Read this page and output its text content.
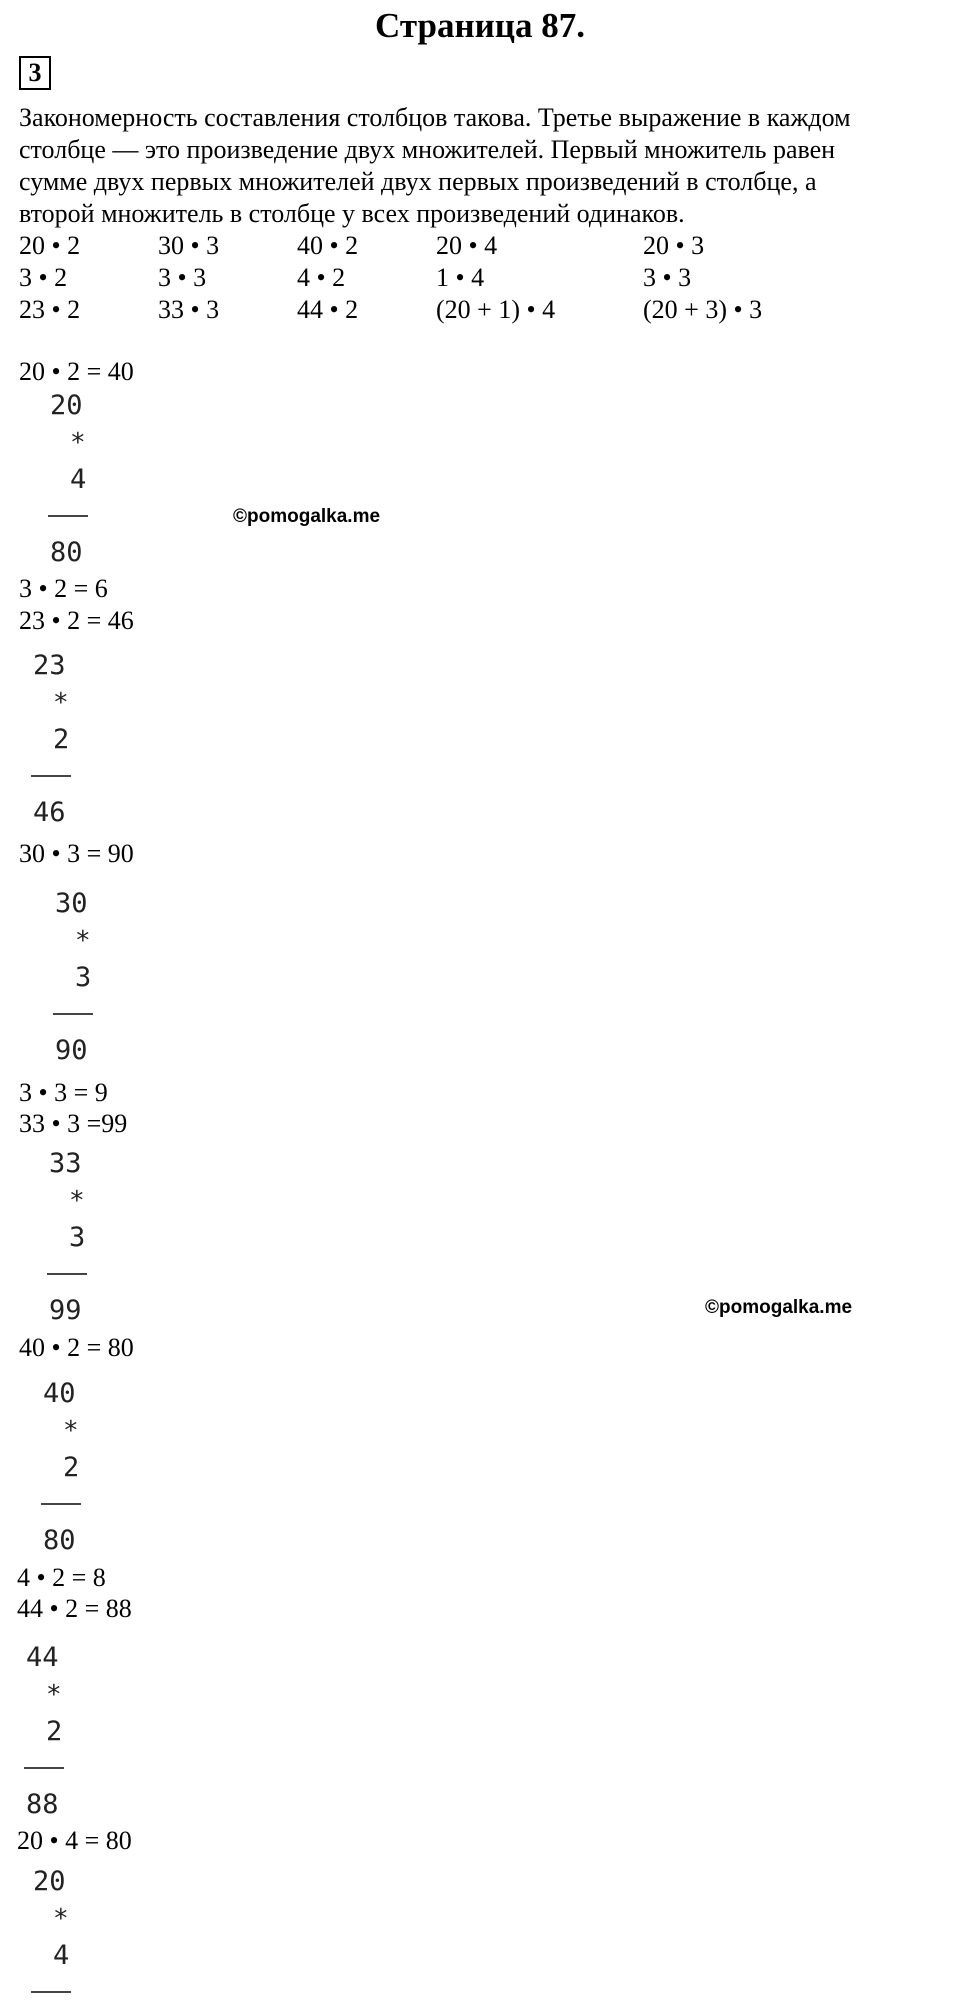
Страница 87.
3
Закономерность составления столбцов такова. Третье выражение в каждом
столбце — это произведение двух множителей. Первый множитель равен
сумме двух первых множителей двух первых произведений в столбце, а
второй множитель в столбце у всех произведений одинаков.
20 • 2
3 • 2
23 • 2
30 • 3
3 • 3
33 • 3
40 • 2
4 • 2
44 • 2
20 • 4
1 • 4
(20 + 1) • 4
20 • 3
3 • 3
(20 + 3) • 3
20 • 2 = 40
20
*
4
80
©pomogalka.me
3 • 2 = 6
23 • 2 = 46
23
*
2
46
30 • 3 = 90
30
*
3
90
3 • 3 = 9
33 • 3 =99
33
*
3
99	©pomogalka.me
40 • 2 = 80
40
*
2
80
4 • 2 = 8
44 • 2 = 88
44
*
2
88
20 • 4 = 80
20
*
4
